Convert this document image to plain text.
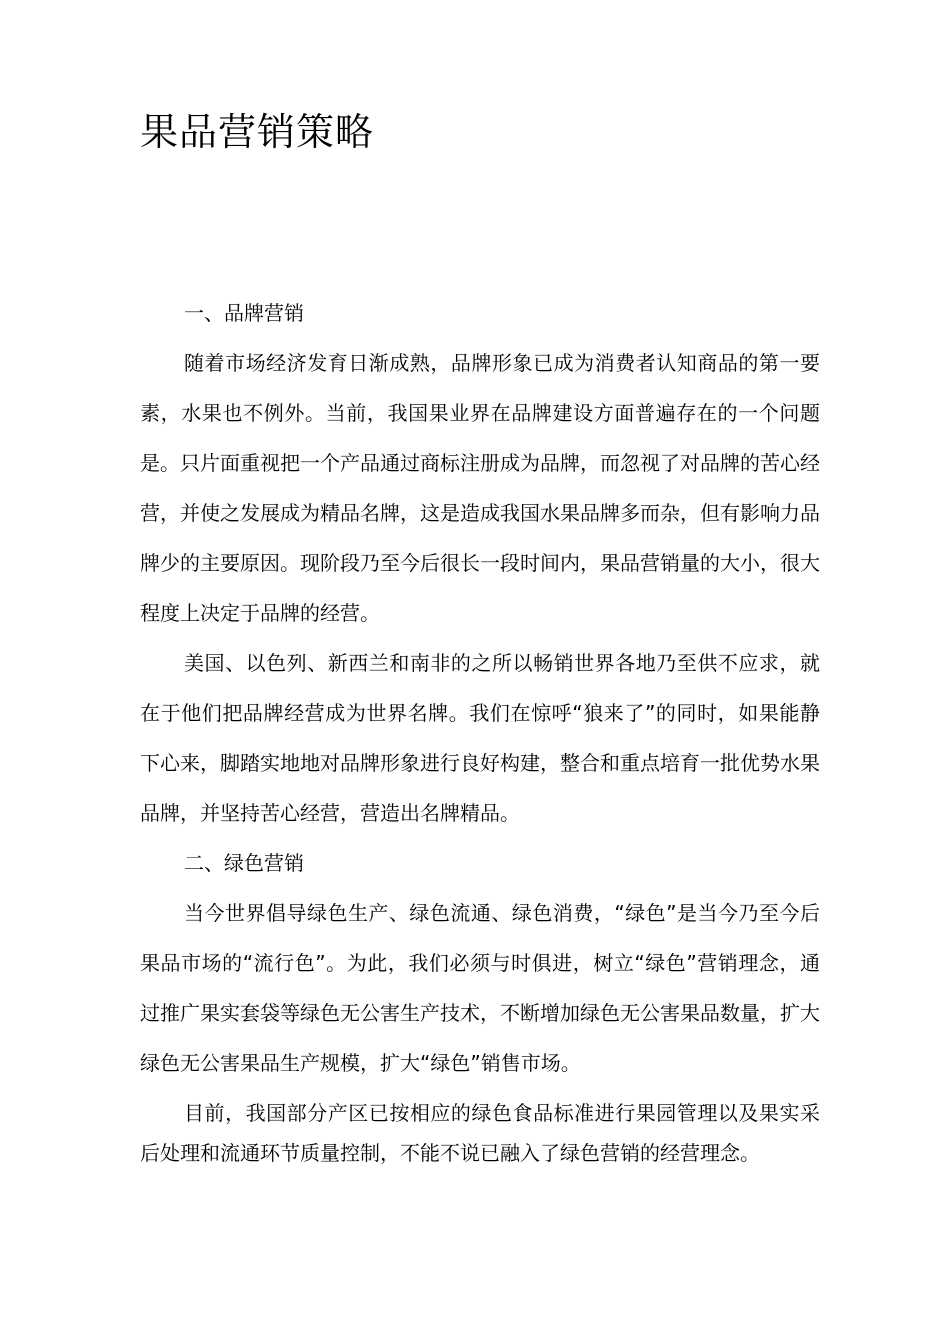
果品营销策略

一、品牌营销

随着市场经济发育日渐成熟，品牌形象已成为消费者认知商品的第一要素，水果也不例外。当前，我国果业界在品牌建设方面普遍存在的一个问题是。只片面重视把一个产品通过商标注册成为品牌，而忽视了对品牌的苦心经营，并使之发展成为精品名牌，这是造成我国水果品牌多而杂，但有影响力品牌少的主要原因。现阶段乃至今后很长一段时间内，果品营销量的大小，很大程度上决定于品牌的经营。

美国、以色列、新西兰和南非的之所以畅销世界各地乃至供不应求，就在于他们把品牌经营成为世界名牌。我们在惊呼“狼来了”的同时，如果能静下心来，脚踏实地地对品牌形象进行良好构建，整合和重点培育一批优势水果品牌，并坚持苦心经营，营造出名牌精品。

二、绿色营销

当今世界倡导绿色生产、绿色流通、绿色消费，“绿色”是当今乃至今后果品市场的“流行色”。为此，我们必须与时俱进，树立“绿色”营销理念，通过推广果实套袋等绿色无公害生产技术，不断增加绿色无公害果品数量，扩大绿色无公害果品生产规模，扩大“绿色”销售市场。

目前，我国部分产区已按相应的绿色食品标准进行果园管理以及果实采后处理和流通环节质量控制，不能不说已融入了绿色营销的经营理念。
